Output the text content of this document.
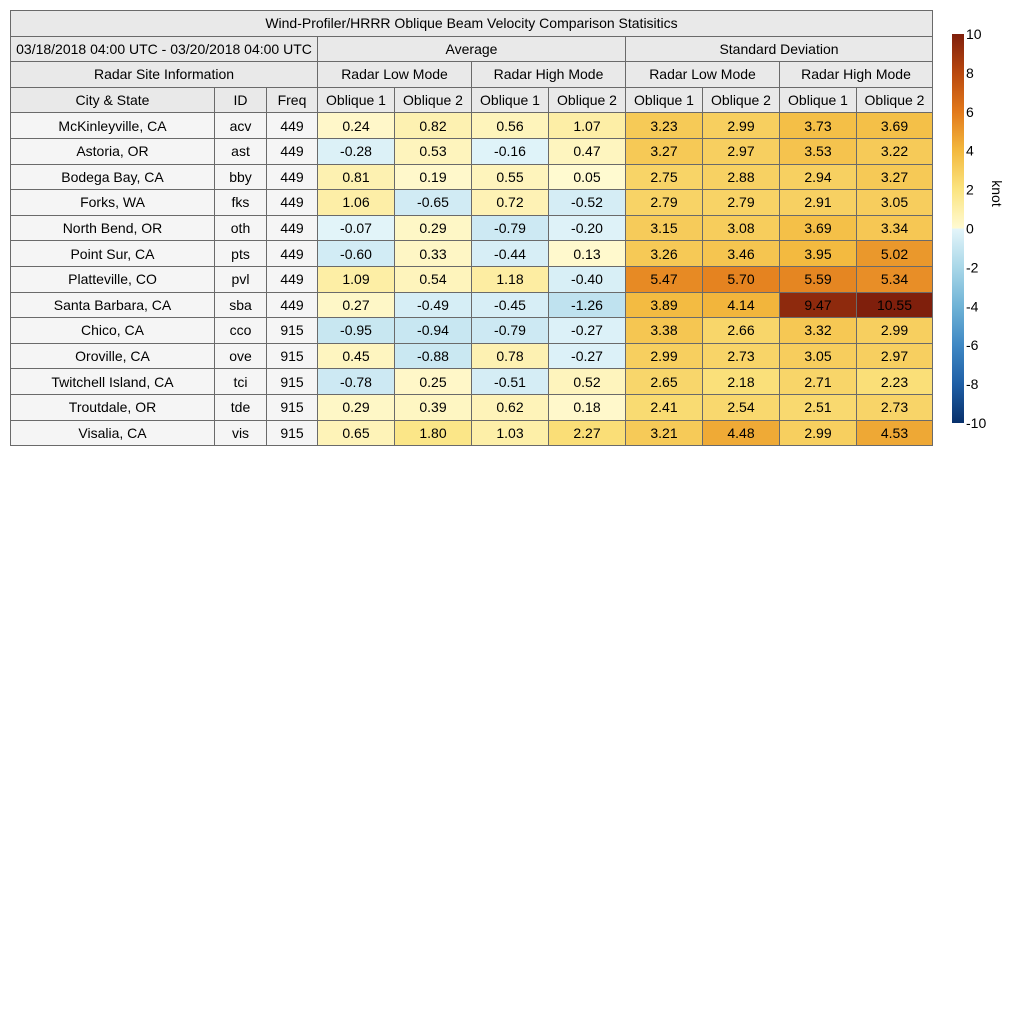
Wind-Profiler/HRRR Oblique Beam Velocity Comparison Statisitics										
03/18/2018 04:00 UTC - 03/20/2018 04:00 UTC			Average				Standard Deviation			
Radar Site Information			Radar Low Mode		Radar High Mode		Radar Low Mode		Radar High Mode	
City & State	ID	Freq	Oblique 1	Oblique 2	Oblique 1	Oblique 2	Oblique 1	Oblique 2	Oblique 1	Oblique 2
McKinleyville, CA	acv	449	0.24	0.82	0.56	1.07	3.23	2.99	3.73	3.69
Astoria, OR	ast	449	-0.28	0.53	-0.16	0.47	3.27	2.97	3.53	3.22
Bodega Bay, CA	bby	449	0.81	0.19	0.55	0.05	2.75	2.88	2.94	3.27
Forks, WA	fks	449	1.06	-0.65	0.72	-0.52	2.79	2.79	2.91	3.05
North Bend, OR	oth	449	-0.07	0.29	-0.79	-0.20	3.15	3.08	3.69	3.34
Point Sur, CA	pts	449	-0.60	0.33	-0.44	0.13	3.26	3.46	3.95	5.02
Platteville, CO	pvl	449	1.09	0.54	1.18	-0.40	5.47	5.70	5.59	5.34
Santa Barbara, CA	sba	449	0.27	-0.49	-0.45	-1.26	3.89	4.14	9.47	10.55
Chico, CA	cco	915	-0.95	-0.94	-0.79	-0.27	3.38	2.66	3.32	2.99
Oroville, CA	ove	915	0.45	-0.88	0.78	-0.27	2.99	2.73	3.05	2.97
Twitchell Island, CA	tci	915	-0.78	0.25	-0.51	0.52	2.65	2.18	2.71	2.23
Troutdale, OR	tde	915	0.29	0.39	0.62	0.18	2.41	2.54	2.51	2.73
Visalia, CA	vis	915	0.65	1.80	1.03	2.27	3.21	4.48	2.99	4.53
10
8
6
4
2
0
-2
-4
-6
-8
-10
knot
